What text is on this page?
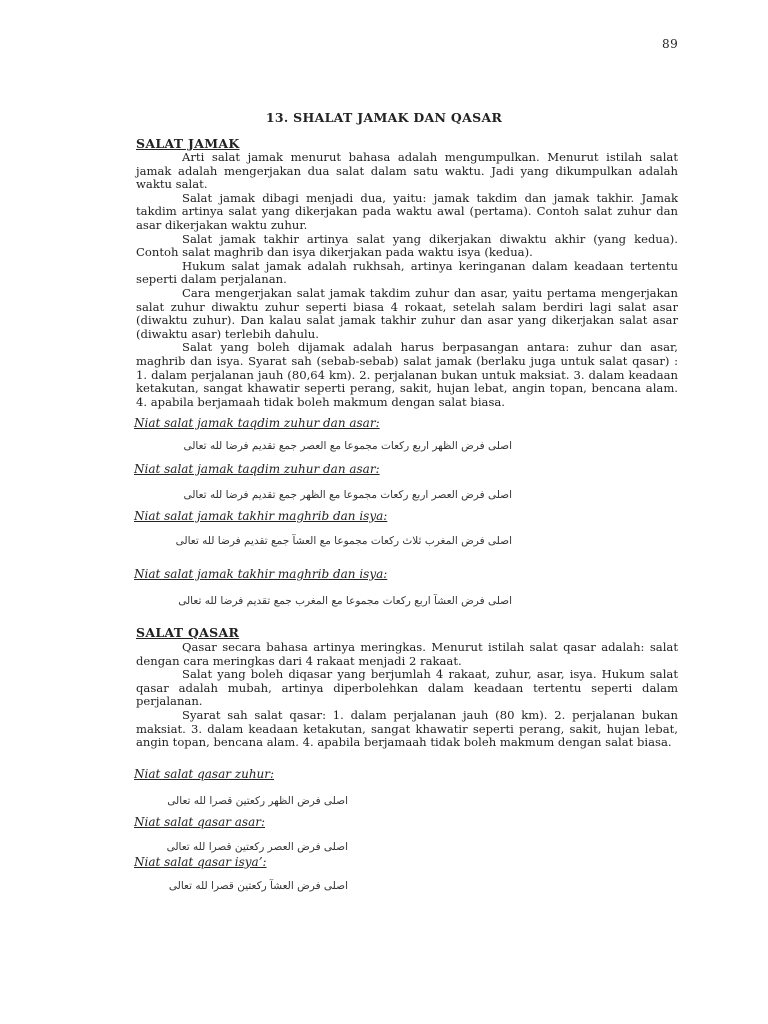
89
13. SHALAT JAMAK DAN QASAR
SALAT JAMAK

Arti salat jamak menurut bahasa adalah mengumpulkan. Menurut istilah salat jamak adalah mengerjakan dua salat dalam satu waktu. Jadi yang dikumpulkan adalah waktu salat.

Salat jamak dibagi menjadi dua, yaitu: jamak takdim dan jamak takhir. Jamak takdim artinya salat yang dikerjakan pada waktu awal (pertama). Contoh salat zuhur dan asar dikerjakan waktu zuhur.

Salat jamak takhir artinya salat yang dikerjakan diwaktu akhir (yang kedua). Contoh salat maghrib dan isya dikerjakan pada waktu isya (kedua).

Hukum salat jamak adalah rukhsah, artinya keringanan dalam keadaan tertentu seperti dalam perjalanan.

Cara mengerjakan salat jamak takdim zuhur dan asar, yaitu pertama mengerjakan salat zuhur diwaktu zuhur seperti biasa 4 rokaat, setelah salam berdiri lagi salat asar (diwaktu zuhur). Dan kalau salat jamak takhir zuhur dan asar yang dikerjakan salat asar (diwaktu asar) terlebih dahulu.

Salat yang boleh dijamak adalah harus berpasangan antara: zuhur dan asar, maghrib dan isya. Syarat sah (sebab-sebab) salat jamak (berlaku juga untuk salat qasar) : 1. dalam perjalanan jauh (80,64 km). 2. perjalanan bukan untuk maksiat. 3. dalam keadaan ketakutan, sangat khawatir seperti perang, sakit, hujan lebat, angin topan, bencana alam. 4. apabila berjamaah tidak boleh makmum dengan salat biasa.

Niat salat jamak taqdim zuhur dan asar:
اصلى فرض الظهر اربع ركعات مجموعا مع العصر جمع تقديم فرضا لله تعالى
Niat salat jamak taqdim zuhur dan asar:
اصلى فرض العصر اربع ركعات مجموعا مع الظهر جمع تقديم فرضا لله تعالى
Niat salat jamak takhir maghrib dan isya:
اصلى فرض المغرب ثلاث ركعات مجموعا مع العشآ جمع تقديم فرضا لله تعالى
Niat salat jamak takhir maghrib dan isya:
اصلى فرض العشآ اربع ركعات مجموعا مع المغرب جمع تقديم فرضا لله تعالى
SALAT QASAR

Qasar secara bahasa artinya meringkas. Menurut istilah salat qasar adalah: salat dengan cara meringkas dari 4 rakaat menjadi 2 rakaat.

Salat yang boleh diqasar yang berjumlah 4 rakaat, zuhur, asar, isya. Hukum salat qasar adalah mubah, artinya diperbolehkan dalam keadaan tertentu seperti dalam perjalanan.

Syarat sah salat qasar: 1. dalam perjalanan jauh (80 km). 2. perjalanan bukan maksiat. 3. dalam keadaan ketakutan, sangat khawatir seperti perang, sakit, hujan lebat, angin topan, bencana alam. 4. apabila berjamaah tidak boleh makmum dengan salat biasa.

Niat salat qasar zuhur:
اصلى فرض الظهر ركعتين قصرا لله تعالى
Niat salat qasar asar:
اصلى فرض العصر ركعتين قصرا لله تعالى
Niat salat qasar isya’:
اصلى فرض العشآ ركعتين قصرا لله تعالى
